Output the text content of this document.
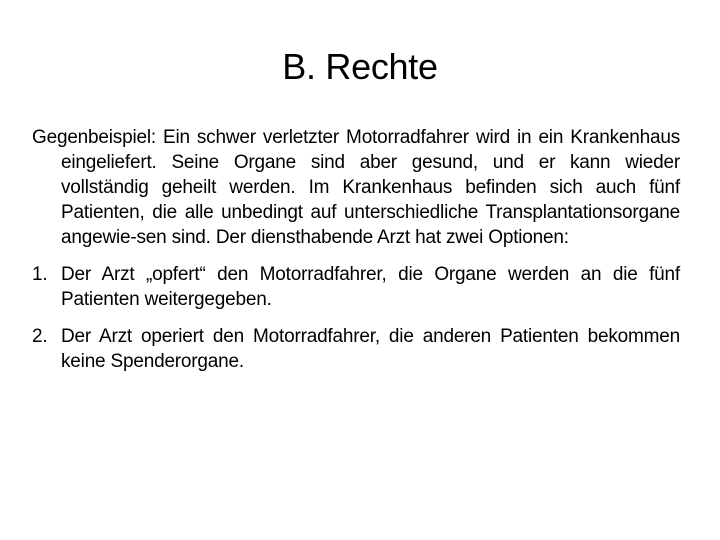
B. Rechte

Gegenbeispiel: Ein schwer verletzter Motorradfahrer wird in ein Krankenhaus eingeliefert. Seine Organe sind aber gesund, und er kann wieder vollständig geheilt werden. Im Krankenhaus befinden sich auch fünf Patienten, die alle unbedingt auf unterschiedliche Transplantationsorgane angewie-sen sind. Der diensthabende Arzt hat zwei Optionen:

1. Der Arzt „opfert“ den Motorradfahrer, die Organe werden an die fünf Patienten weitergegeben.
2. Der Arzt operiert den Motorradfahrer, die anderen Patienten bekommen keine Spenderorgane.
